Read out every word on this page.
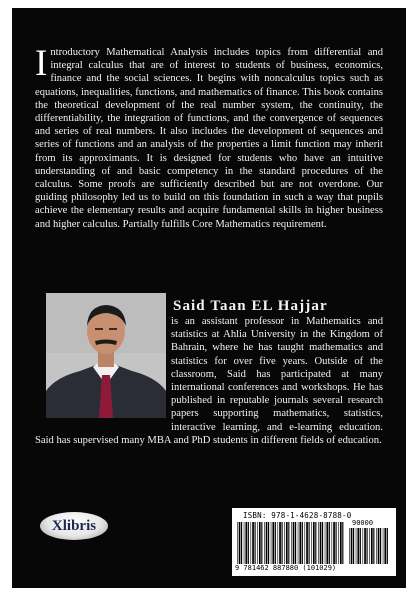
Introductory Mathematical Analysis includes topics from differential and integral calculus that are of interest to students of business, economics, finance and the social sciences. It begins with noncalculus topics such as equations, inequalities, functions, and mathematics of finance. This book contains the theoretical development of the real number system, the continuity, the differentiability, the integration of functions, and the convergence of sequences and series of real numbers. It also includes the development of sequences and series of functions and an analysis of the properties a limit function may inherit from its approximants. It is designed for students who have an intuitive understanding of and basic competency in the standard procedures of the calculus. Some proofs are sufficiently described but are not overdone. Our guiding philosophy led us to build on this foundation in such a way that pupils achieve the elementary results and acquire fundamental skills in higher business and higher calculus. Partially fulfills Core Mathematics requirement.

Said Taan EL Hajjar

is an assistant professor in Mathematics and statistics at Ahlia University in the Kingdom of Bahrain, where he has taught mathematics and statistics for over five years. Outside of the classroom, Said has participated at many international conferences and workshops. He has published in reputable journals several research papers supporting mathematics, statistics, interactive learning, and e-learning education. Said has supervised many MBA and PhD students in different fields of education.

Xlibris
ISBN: 978-1-4628-8788-0
90000
9 781462 887880 (101029)
